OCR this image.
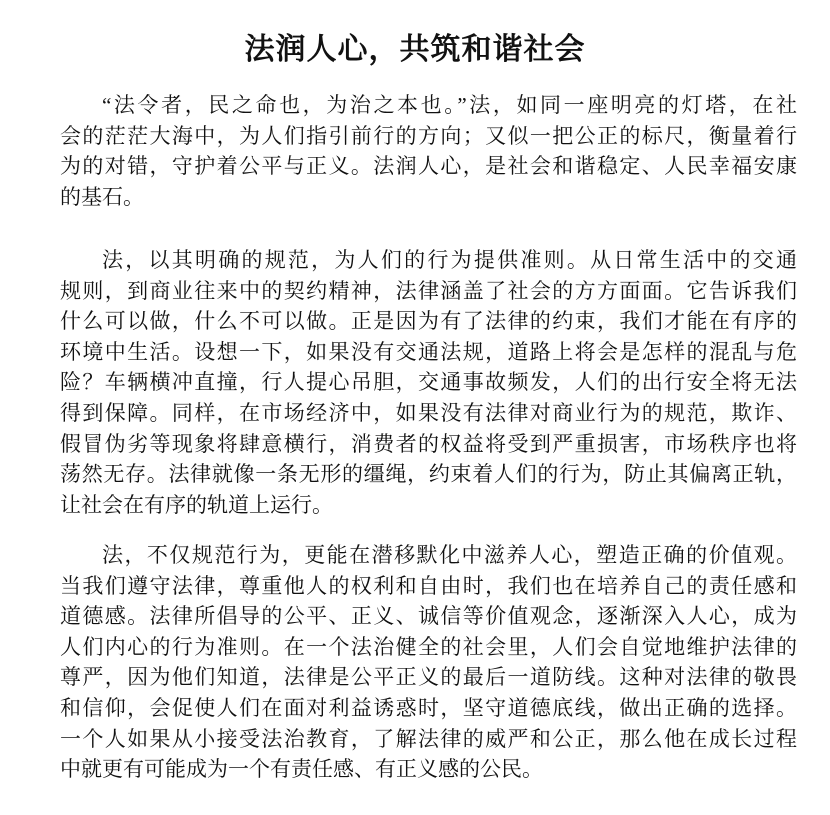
法润人心，共筑和谐社会
“法令者，民之命也，为治之本也。”法，如同一座明亮的灯塔，在社
会的茫茫大海中，为人们指引前行的方向；又似一把公正的标尺，衡量着行
为的对错，守护着公平与正义。法润人心，是社会和谐稳定、人民幸福安康
的基石。
法，以其明确的规范，为人们的行为提供准则。从日常生活中的交通
规则，到商业往来中的契约精神，法律涵盖了社会的方方面面。它告诉我们
什么可以做，什么不可以做。正是因为有了法律的约束，我们才能在有序的
环境中生活。设想一下，如果没有交通法规，道路上将会是怎样的混乱与危
险？车辆横冲直撞，行人提心吊胆，交通事故频发，人们的出行安全将无法
得到保障。同样，在市场经济中，如果没有法律对商业行为的规范，欺诈、
假冒伪劣等现象将肆意横行，消费者的权益将受到严重损害，市场秩序也将
荡然无存。法律就像一条无形的缰绳，约束着人们的行为，防止其偏离正轨，
让社会在有序的轨道上运行。
法，不仅规范行为，更能在潜移默化中滋养人心，塑造正确的价值观。
当我们遵守法律，尊重他人的权利和自由时，我们也在培养自己的责任感和
道德感。法律所倡导的公平、正义、诚信等价值观念，逐渐深入人心，成为
人们内心的行为准则。在一个法治健全的社会里，人们会自觉地维护法律的
尊严，因为他们知道，法律是公平正义的最后一道防线。这种对法律的敬畏
和信仰，会促使人们在面对利益诱惑时，坚守道德底线，做出正确的选择。
一个人如果从小接受法治教育，了解法律的威严和公正，那么他在成长过程
中就更有可能成为一个有责任感、有正义感的公民。
